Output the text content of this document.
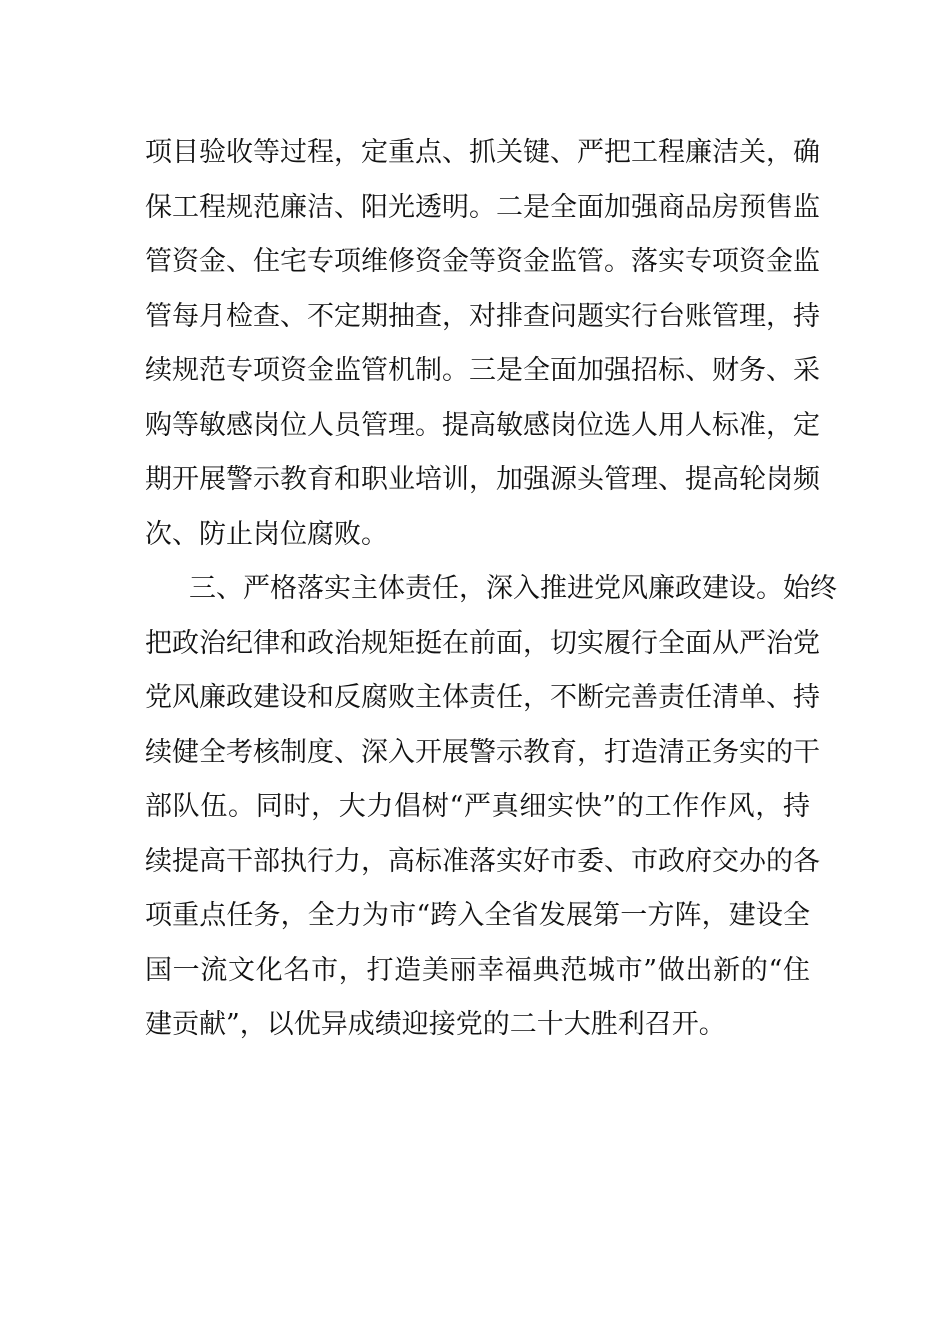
项目验收等过程，定重点、抓关键、严把工程廉洁关，确
保工程规范廉洁、阳光透明。二是全面加强商品房预售监
管资金、住宅专项维修资金等资金监管。落实专项资金监
管每月检查、不定期抽查，对排查问题实行台账管理，持
续规范专项资金监管机制。三是全面加强招标、财务、采
购等敏感岗位人员管理。提高敏感岗位选人用人标准，定
期开展警示教育和职业培训，加强源头管理、提高轮岗频
次、防止岗位腐败。
三、严格落实主体责任，深入推进党风廉政建设。始终
把政治纪律和政治规矩挺在前面，切实履行全面从严治党
党风廉政建设和反腐败主体责任，不断完善责任清单、持
续健全考核制度、深入开展警示教育，打造清正务实的干
部队伍。同时，大力倡树“严真细实快”的工作作风，持
续提高干部执行力，高标准落实好市委、市政府交办的各
项重点任务，全力为市“跨入全省发展第一方阵，建设全
国一流文化名市，打造美丽幸福典范城市”做出新的“住
建贡献”，以优异成绩迎接党的二十大胜利召开。
